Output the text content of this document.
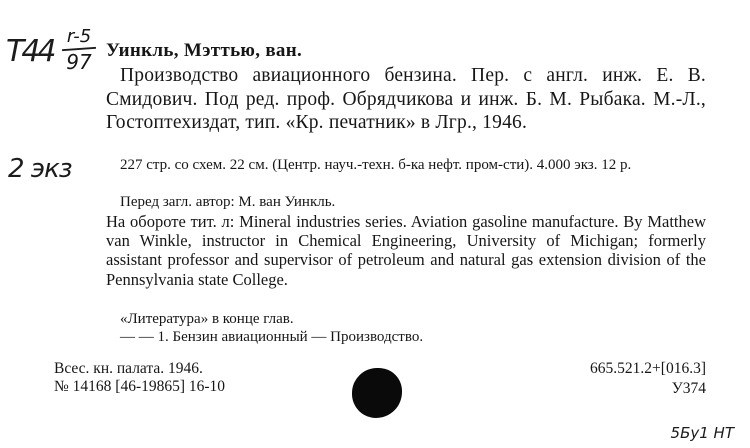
T44 r-5
97
2 экз
Уинкль, Мэттью, ван.

Производство авиационного бензина. Пер. с англ. инж. Е. В. Смидович. Под ред. проф. Обрядчикова и инж. Б. М. Рыбака. М.-Л., Гостоптехиздат, тип. «Кр. печатник» в Лгр., 1946.

227 стр. со схем. 22 см. (Центр. науч.-техн. б-ка нефт. пром-сти). 4.000 экз. 12 р.

Перед загл. автор: М. ван Уинкль.

На обороте тит. л: Mineral industries series. Aviation gasoline manufacture. By Matthew van Winkle, instructor in Chemical Engineering, University of Michigan; formerly assistant professor and supervisor of petroleum and natural gas extension division of the Pennsylvania state College.

«Литература» в конце глав.

— — 1. Бензин авиационный — Производство.

Всес. кн. палата. 1946.
№ 14168 [46-19865] 16-10
665.521.2+[016.3]
У374
5Бу1 НТ
